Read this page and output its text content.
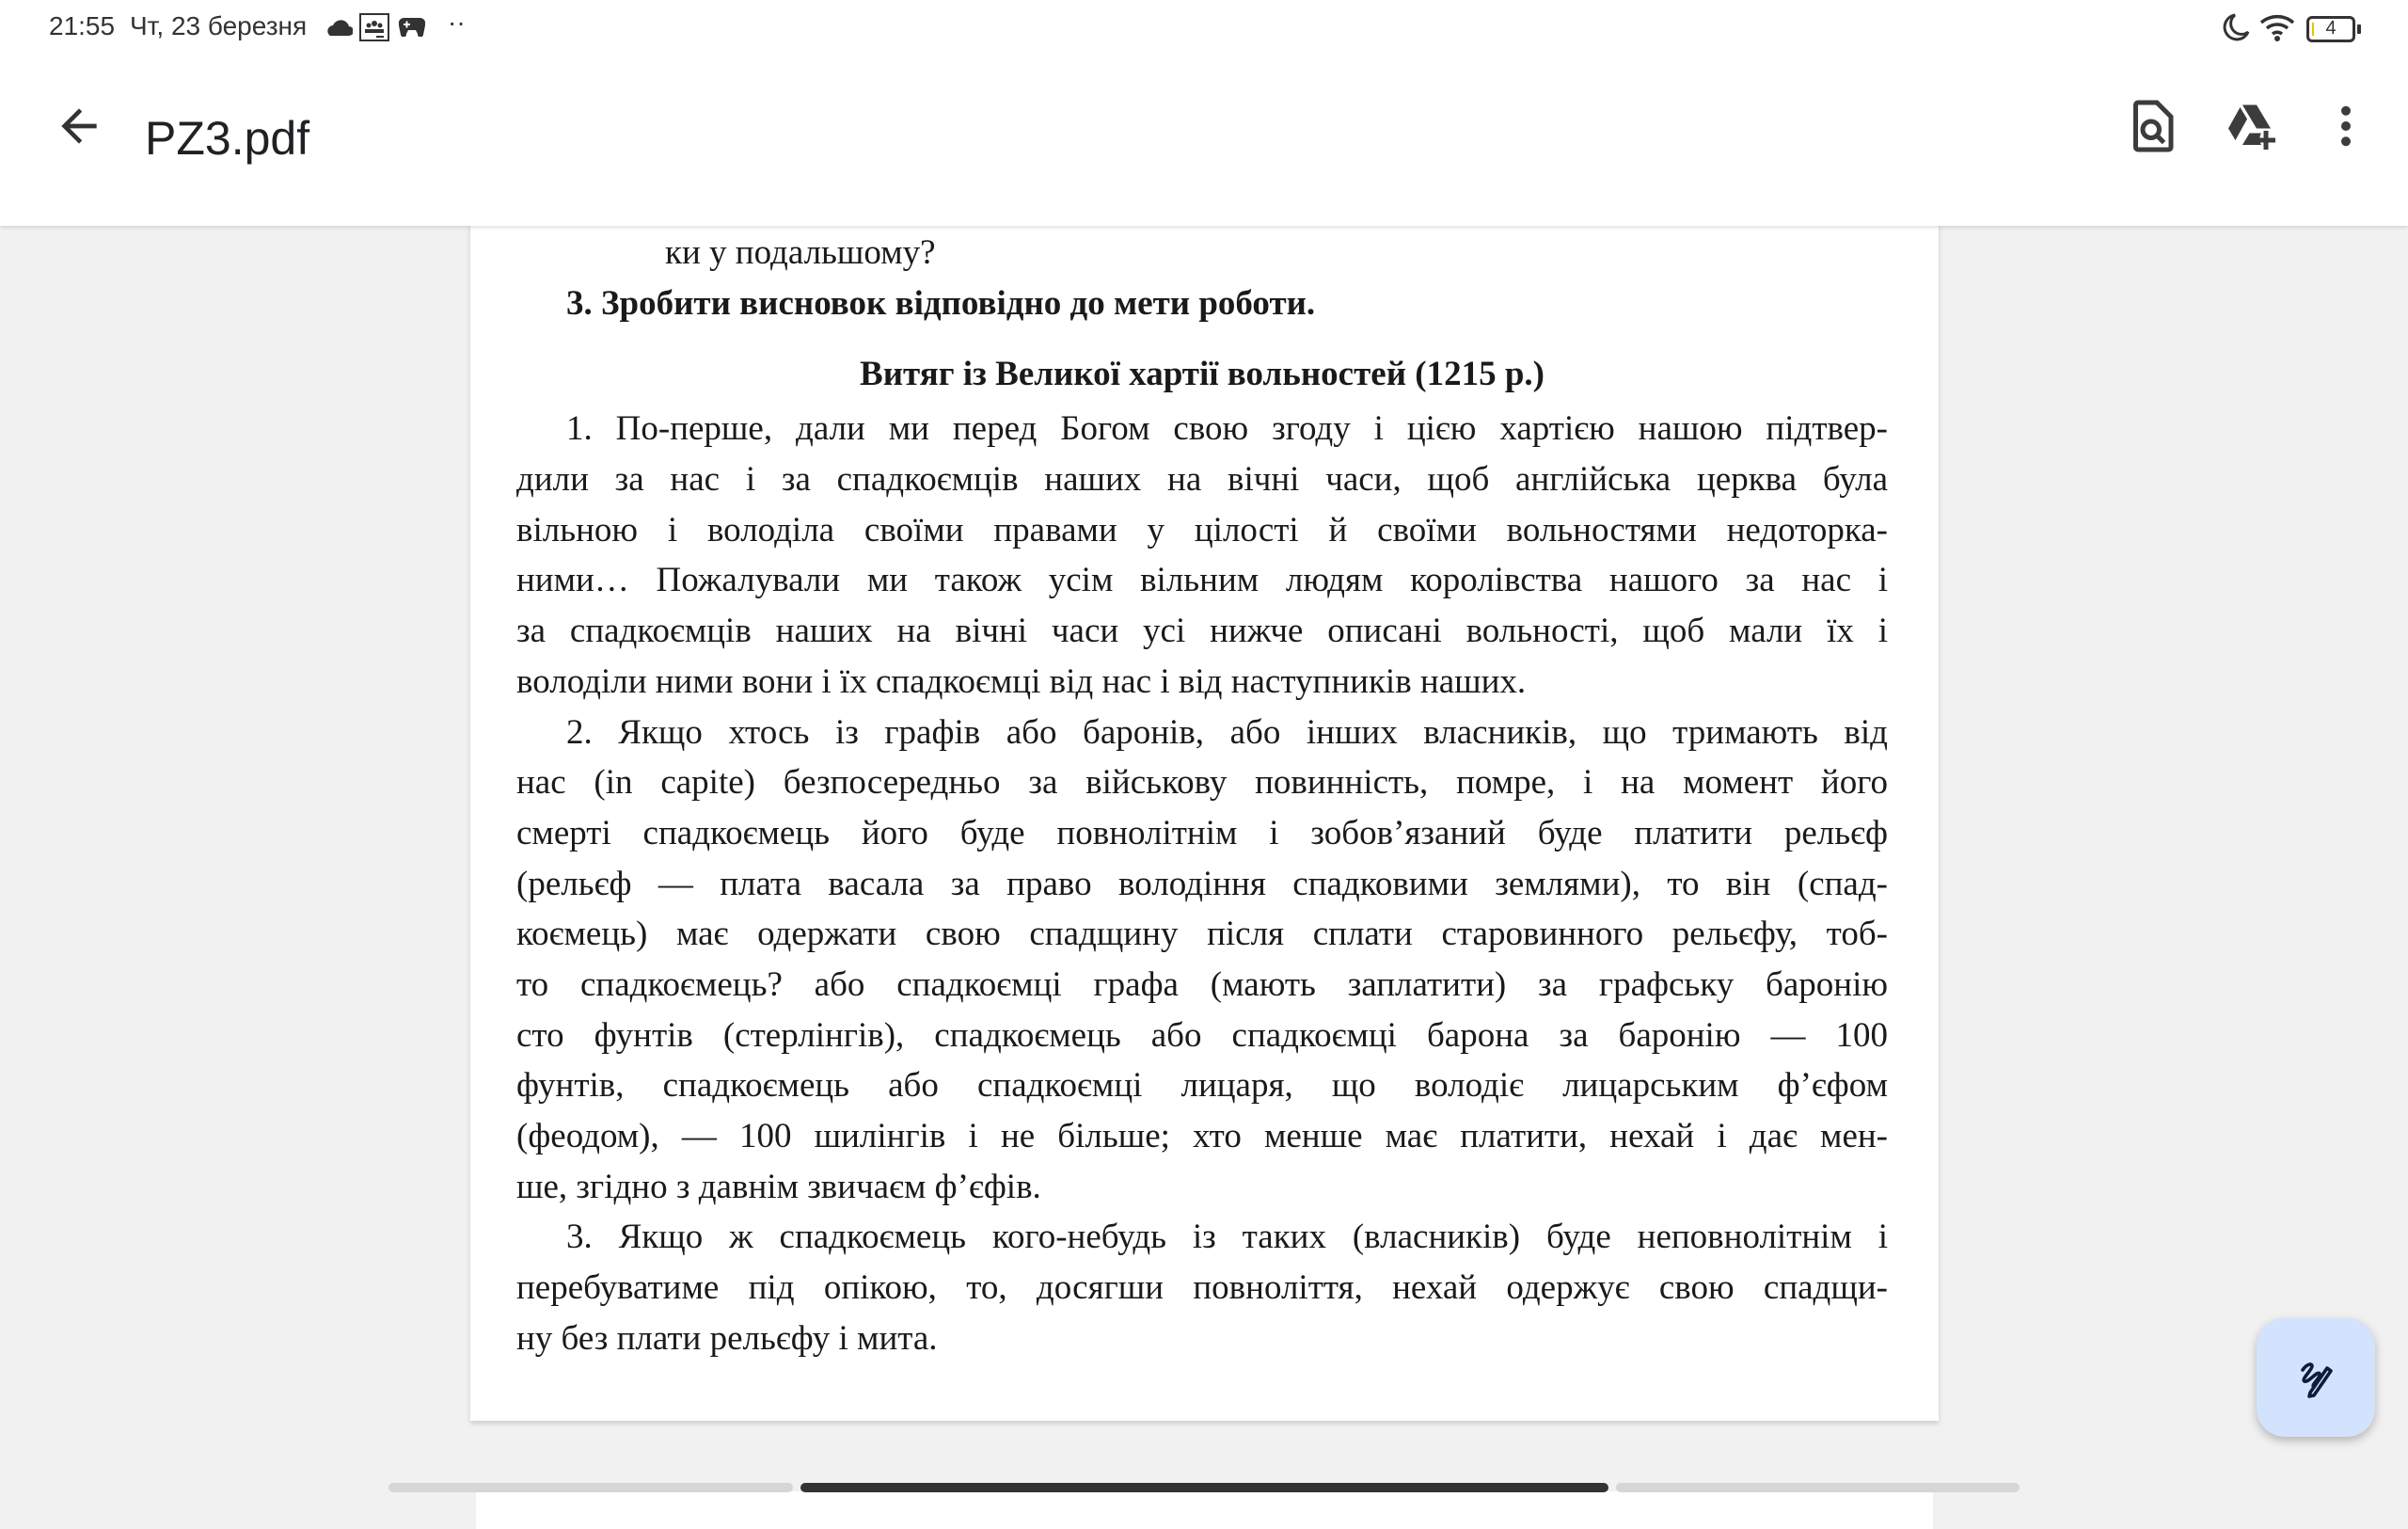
21:55 Чт, 23 березня	··	4
PZ3.pdf
ки у подальшому?
3. Зробити висновок відповідно до мети роботи.
Витяг із Великої хартії вольностей (1215 р.)
1. По-перше, дали ми перед Богом свою згоду і цією хартією нашою підтвер-
дили за нас і за спадкоємців наших на вічні часи, щоб англійська церква була
вільною і володіла своїми правами у цілості й своїми вольностями недоторка-
ними… Пожалували ми також усім вільним людям королівства нашого за нас і
за спадкоємців наших на вічні часи усі нижче описані вольності, щоб мали їх і
володіли ними вони і їх спадкоємці від нас і від наступників наших.
2. Якщо хтось із графів або баронів, або інших власників, що тримають від
нас (in capite) безпосередньо за військову повинність, помре, і на момент його
смерті спадкоємець його буде повнолітнім і зобов’язаний буде платити рельєф
(рельєф — плата васала за право володіння спадковими землями), то він (спад-
коємець) має одержати свою спадщину після сплати старовинного рельєфу, тоб-
то спадкоємець? або спадкоємці графа (мають заплатити) за графську баронію
сто фунтів (стерлінгів), спадкоємець або спадкоємці барона за баронію — 100
фунтів, спадкоємець або спадкоємці лицаря, що володіє лицарським ф’єфом
(феодом), — 100 шилінгів і не більше; хто менше має платити, нехай і дає мен-
ше, згідно з давнім звичаєм ф’єфів.
3. Якщо ж спадкоємець кого-небудь із таких (власників) буде неповнолітнім і
перебуватиме під опікою, то, досягши повноліття, нехай одержує свою спадщи-
ну без плати рельєфу і мита.
